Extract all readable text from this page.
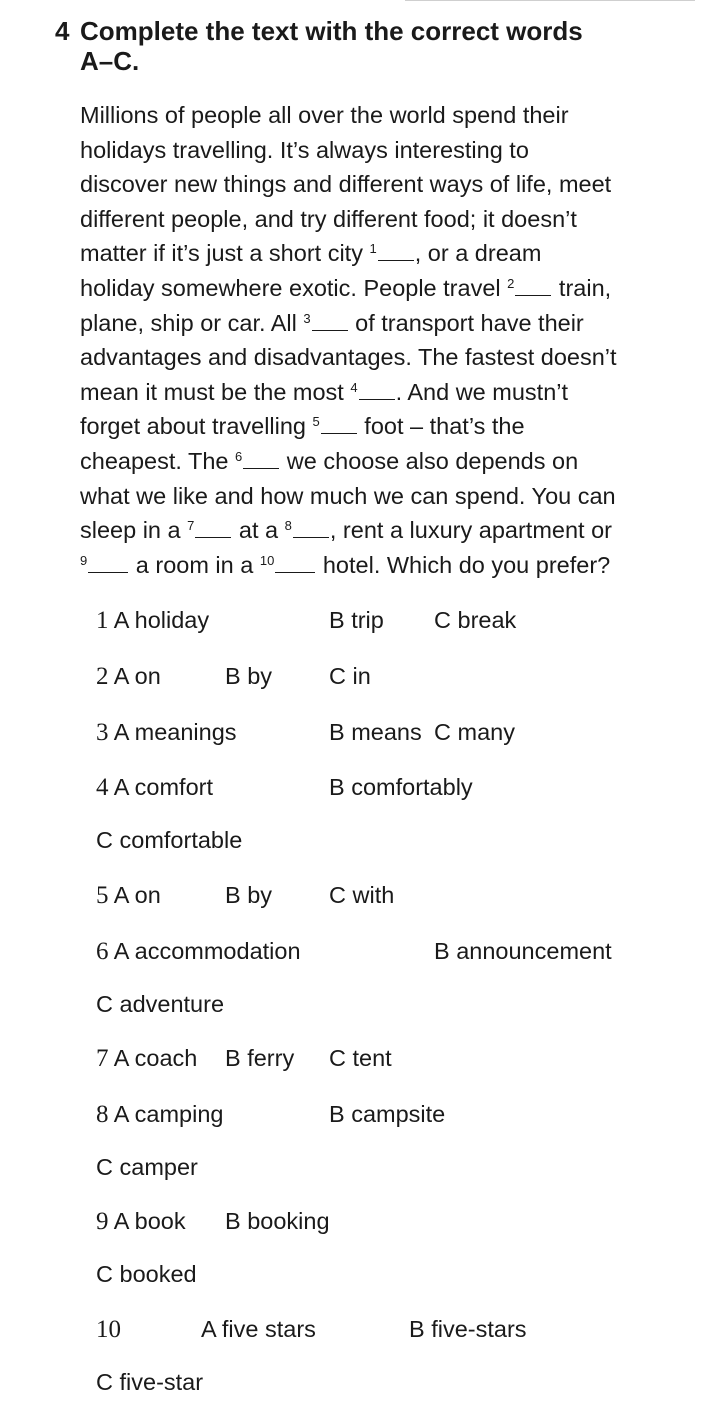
4 Complete the text with the correct words
A–C.
Millions of people all over the world spend their
holidays travelling. It’s always interesting to
discover new things and different ways of life, meet
different people, and try different food; it doesn’t
matter if it’s just a short city $^1$ , or a dream
holiday somewhere exotic. People travel $^2$ train,
plane, ship or car. All $^3$ of transport have their
advantages and disadvantages. The fastest doesn’t
mean it must be the most $^4$ . And we mustn’t
forget about travelling $^5$ foot – that’s the
cheapest. The $^6$ we choose also depends on
what we like and how much we can spend. You can
sleep in a $^7$ at a $^8$ , rent a luxury apartment or
$^9$ a room in a $^{10}$ hotel. Which do you prefer?
1 A holiday	B trip C break
2 A on	B by C in
3 A meanings	B means C many
4 A comfort	B comfortably
C comfortable
5 A on	B by C with
6 A accommodation	B announcement
C adventure
7 A coach B ferry C tent
8 A camping	B campsite
C camper
9 A book B booking
C booked
10	A five stars	B five-stars
C five-star
